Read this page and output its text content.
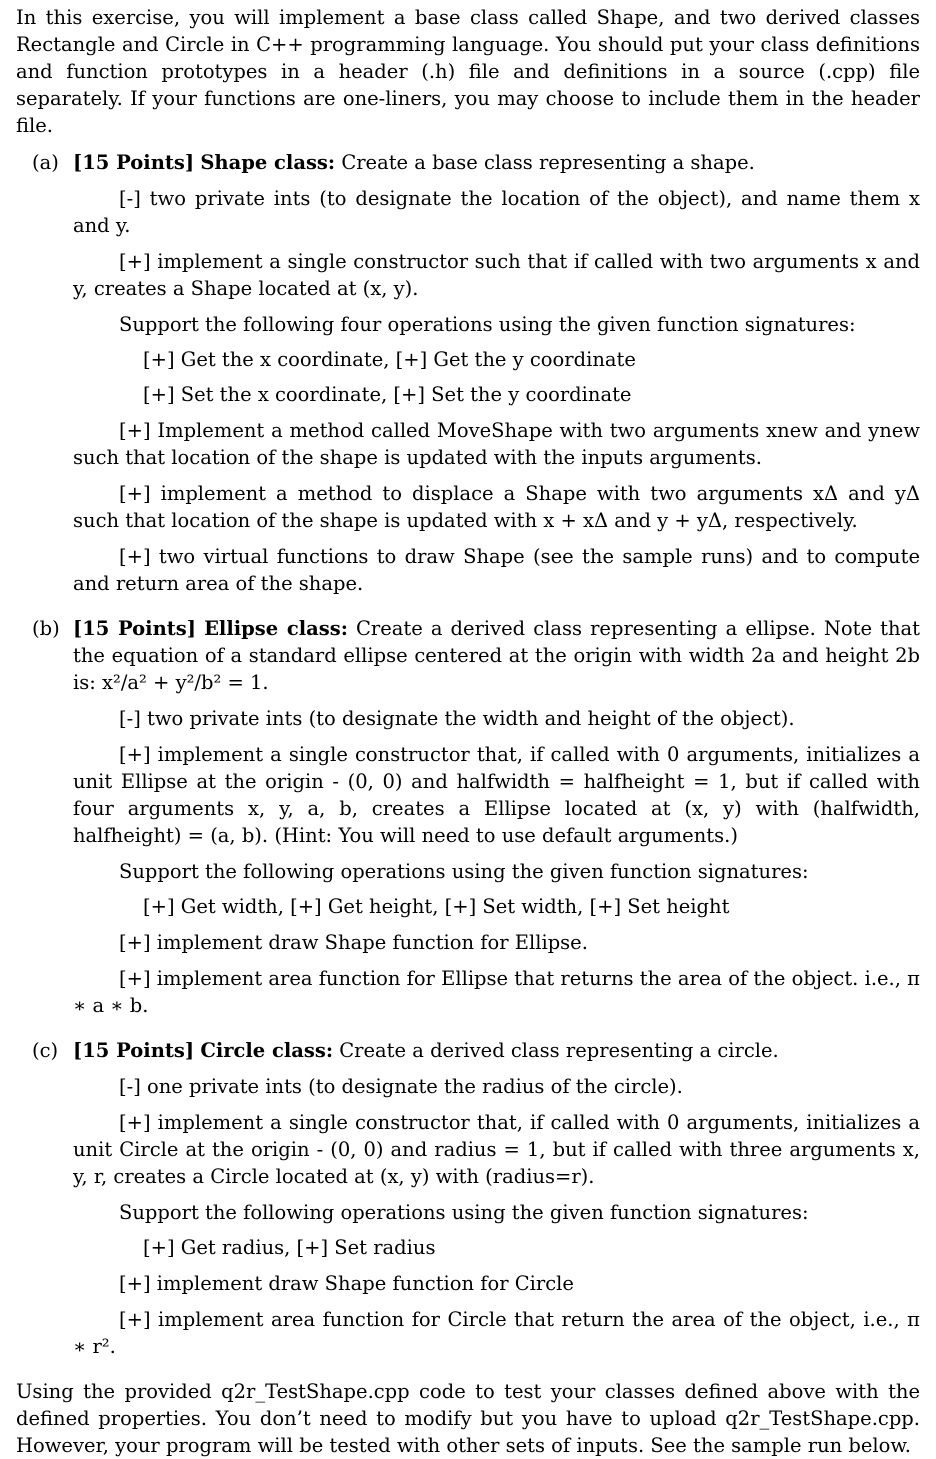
In this exercise, you will implement a base class called Shape, and two derived classes Rectangle and Circle in C++ programming language. You should put your class definitions and function prototypes in a header (.h) file and definitions in a source (.cpp) file separately. If your functions are one-liners, you may choose to include them in the header file.

(a) [15 Points] Shape class: Create a base class representing a shape.

[-] two private ints (to designate the location of the object), and name them x and y.

[+] implement a single constructor such that if called with two arguments x and y, creates a Shape located at (x, y).

Support the following four operations using the given function signatures:

[+] Get the x coordinate, [+] Get the y coordinate

[+] Set the x coordinate, [+] Set the y coordinate

[+] Implement a method called MoveShape with two arguments xnew and ynew such that location of the shape is updated with the inputs arguments.

[+] implement a method to displace a Shape with two arguments xΔ and yΔ such that location of the shape is updated with x + xΔ and y + yΔ, respectively.

[+] two virtual functions to draw Shape (see the sample runs) and to compute and return area of the shape.

(b) [15 Points] Ellipse class: Create a derived class representing a ellipse. Note that the equation of a standard ellipse centered at the origin with width 2a and height 2b is: x²/a² + y²/b² = 1.

[-] two private ints (to designate the width and height of the object).

[+] implement a single constructor that, if called with 0 arguments, initializes a unit Ellipse at the origin - (0, 0) and halfwidth = halfheight = 1, but if called with four arguments x, y, a, b, creates a Ellipse located at (x, y) with (halfwidth, halfheight) = (a, b). (Hint: You will need to use default arguments.)

Support the following operations using the given function signatures:

[+] Get width, [+] Get height, [+] Set width, [+] Set height

[+] implement draw Shape function for Ellipse.

[+] implement area function for Ellipse that returns the area of the object. i.e., π ∗ a ∗ b.

(c) [15 Points] Circle class: Create a derived class representing a circle.

[-] one private ints (to designate the radius of the circle).

[+] implement a single constructor that, if called with 0 arguments, initializes a unit Circle at the origin - (0, 0) and radius = 1, but if called with three arguments x, y, r, creates a Circle located at (x, y) with (radius=r).

Support the following operations using the given function signatures:

[+] Get radius, [+] Set radius

[+] implement draw Shape function for Circle

[+] implement area function for Circle that return the area of the object, i.e., π ∗ r².

Using the provided q2r_TestShape.cpp code to test your classes defined above with the defined properties. You don’t need to modify but you have to upload q2r_TestShape.cpp. However, your program will be tested with other sets of inputs. See the sample run below.
